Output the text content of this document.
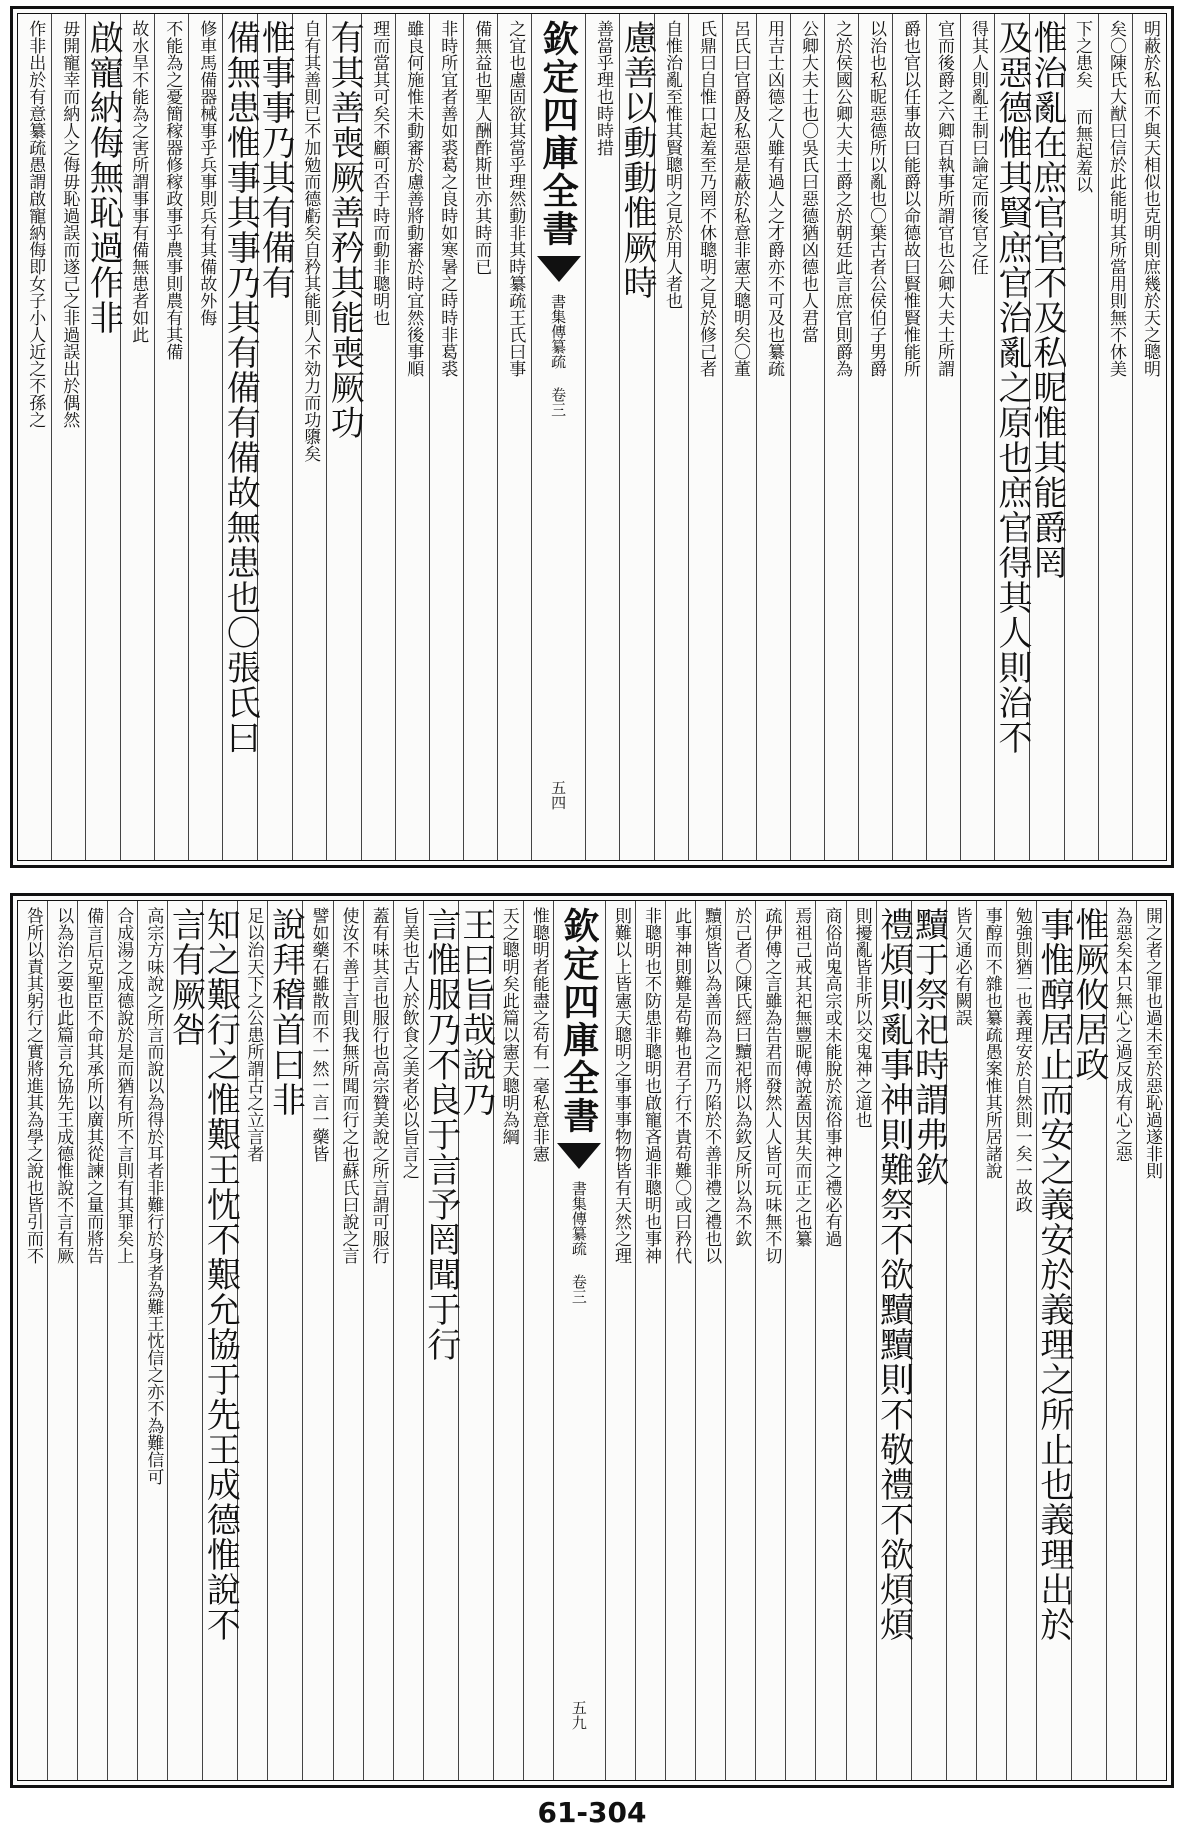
明蔽於私而不與天相似也克明則庶幾於天之聰明
矣〇陳氏大猷曰信於此能明其所當用則無不休美
下之患矣 而無起羞以
惟治亂在庶官官不及私昵惟其能爵罔
及惡德惟其賢庶官治亂之原也庶官得其人則治不
得其人則亂王制曰論定而後官之任
官而後爵之六卿百執事所謂官也公卿大夫士所謂
爵也官以任事故曰能爵以命德故曰賢惟賢惟能所
以治也私昵惡德所以亂也〇葉古者公侯伯子男爵
之於侯國公卿大夫士爵之於朝廷此言庶官則爵為
公卿大夫士也〇吳氏曰惡德猶凶德也人君當
用吉士凶德之人雖有過人之才爵亦不可及也纂疏
呂氏曰官爵及私惡是蔽於私意非憲天聰明矣〇董
氏鼎曰自惟口起羞至乃罔不休聰明之見於修己者
自惟治亂至惟其賢聰明之見於用人者也
慮善以動動惟厥時
善當乎理也時時措
欽定四庫全書
書集傳纂疏 卷三
五四
之宜也慮固欲其當乎理然動非其時纂疏王氏曰事
備無益也聖人酬酢斯世亦其時而已
非時所宜者善如裘葛之良時如寒暑之時時非葛裘
雖良何施惟未動審於慮善將動審於時宜然後事順
理而當其可矣不顧可否于時而動非聰明也
有其善喪厥善矜其能喪厥功
自有其善則已不加勉而德虧矣自矜其能則人不効力而功隳矣
惟事事乃其有備有
備無患惟事其事乃其有備有備故無患也〇張氏曰
修車馬備器械事乎兵事則兵有其備故外侮
不能為之憂簡稼器修稼政事乎農事則農有其備
故水旱不能為之害所謂事事有備無患者如此
啟寵納侮無恥過作非
毋開寵幸而納人之侮毋恥過誤而遂己之非過誤出於偶然
作非出於有意纂疏愚謂啟寵納侮即女子小人近之不孫之
開之者之罪也過未至於惡恥過遂非則
為惡矣本只無心之過反成有心之惡
惟厥攸居政
事惟醇居止而安之義安於義理之所止也義理出於
勉強則猶二也義理安於自然則一矣一故政
事醇而不雜也纂疏愚案惟其所居諸說
皆欠通必有闕誤
黷于祭祀時謂弗欽
禮煩則亂事神則難祭不欲黷黷則不敬禮不欲煩煩
則擾亂皆非所以交鬼神之道也
商俗尚鬼高宗或未能脫於流俗事神之禮必有過
焉祖己戒其祀無豐昵傅說蓋因其失而正之也纂
疏伊傅之言雖為告君而發然人人皆可玩味無不切
於己者〇陳氏經曰黷祀將以為欽反所以為不欽
黷煩皆以為善而為之而乃陷於不善非禮之禮也以
此事神則難是苟難也君子行不貴苟難〇或曰矜代
非聰明也不防患非聰明也啟寵吝過非聰明也事神
則難以上皆憲天聰明之事事事物物皆有天然之理
欽定四庫全書
書集傳纂疏 卷三
五九
惟聰明者能盡之苟有一毫私意非憲
天之聰明矣此篇以憲天聰明為綱
王曰旨哉說乃
言惟服乃不良于言予罔聞于行
旨美也古人於飲食之美者必以旨言之
蓋有味其言也服行也高宗贊美說之所言謂可服行
使汝不善于言則我無所聞而行之也蘇氏曰說之言
譬如藥石雖散而不一然一言一藥皆
說拜稽首曰非
足以治天下之公患所謂古之立言者
知之艱行之惟艱王忱不艱允協于先王成德惟說不
言有厥咎
高宗方味說之所言而說以為得於耳者非難行於身者為難王忱信之亦不為難信可
合成湯之成德說於是而猶有所不言則有其罪矣上
備言后克聖臣不命其承所以廣其從諫之量而將告
以為治之要也此篇言允協先王成德惟說不言有厥
咎所以責其躬行之實將進其為學之說也皆引而不
61-304
